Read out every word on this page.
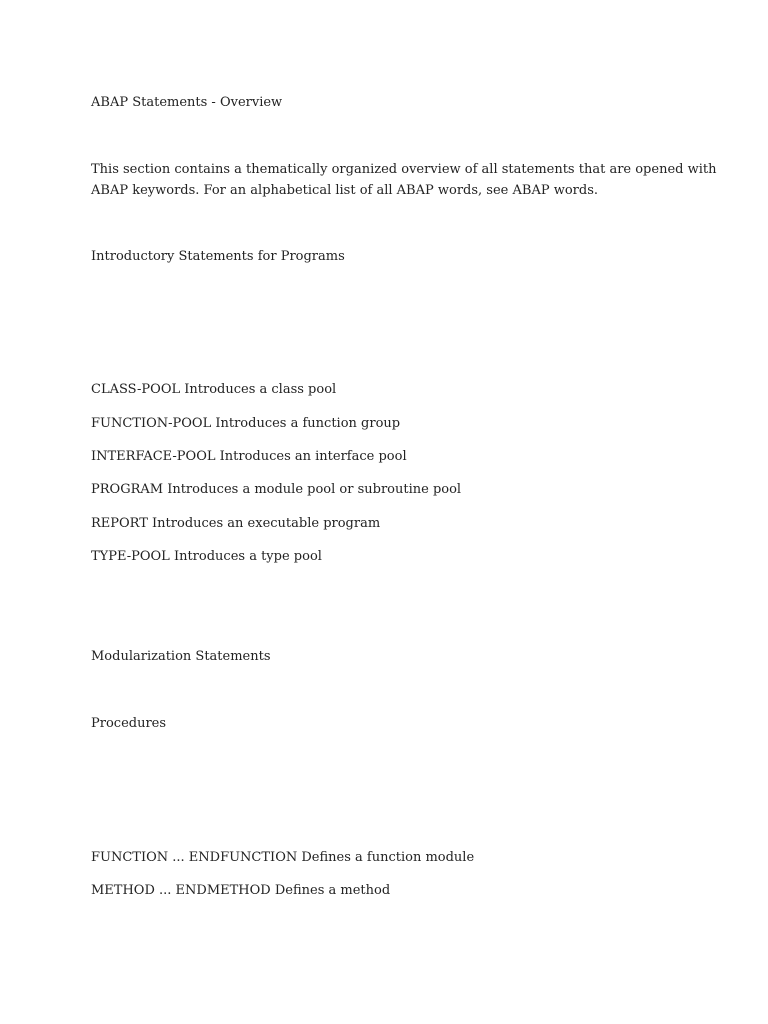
ABAP Statements - Overview

This section contains a thematically organized overview of all statements that are opened with
ABAP keywords. For an alphabetical list of all ABAP words, see ABAP words.

Introductory Statements for Programs

CLASS-POOL Introduces a class pool

FUNCTION-POOL Introduces a function group

INTERFACE-POOL Introduces an interface pool

PROGRAM Introduces a module pool or subroutine pool

REPORT Introduces an executable program

TYPE-POOL Introduces a type pool

Modularization Statements

Procedures

FUNCTION ... ENDFUNCTION Defines a function module

METHOD ... ENDMETHOD Defines a method
